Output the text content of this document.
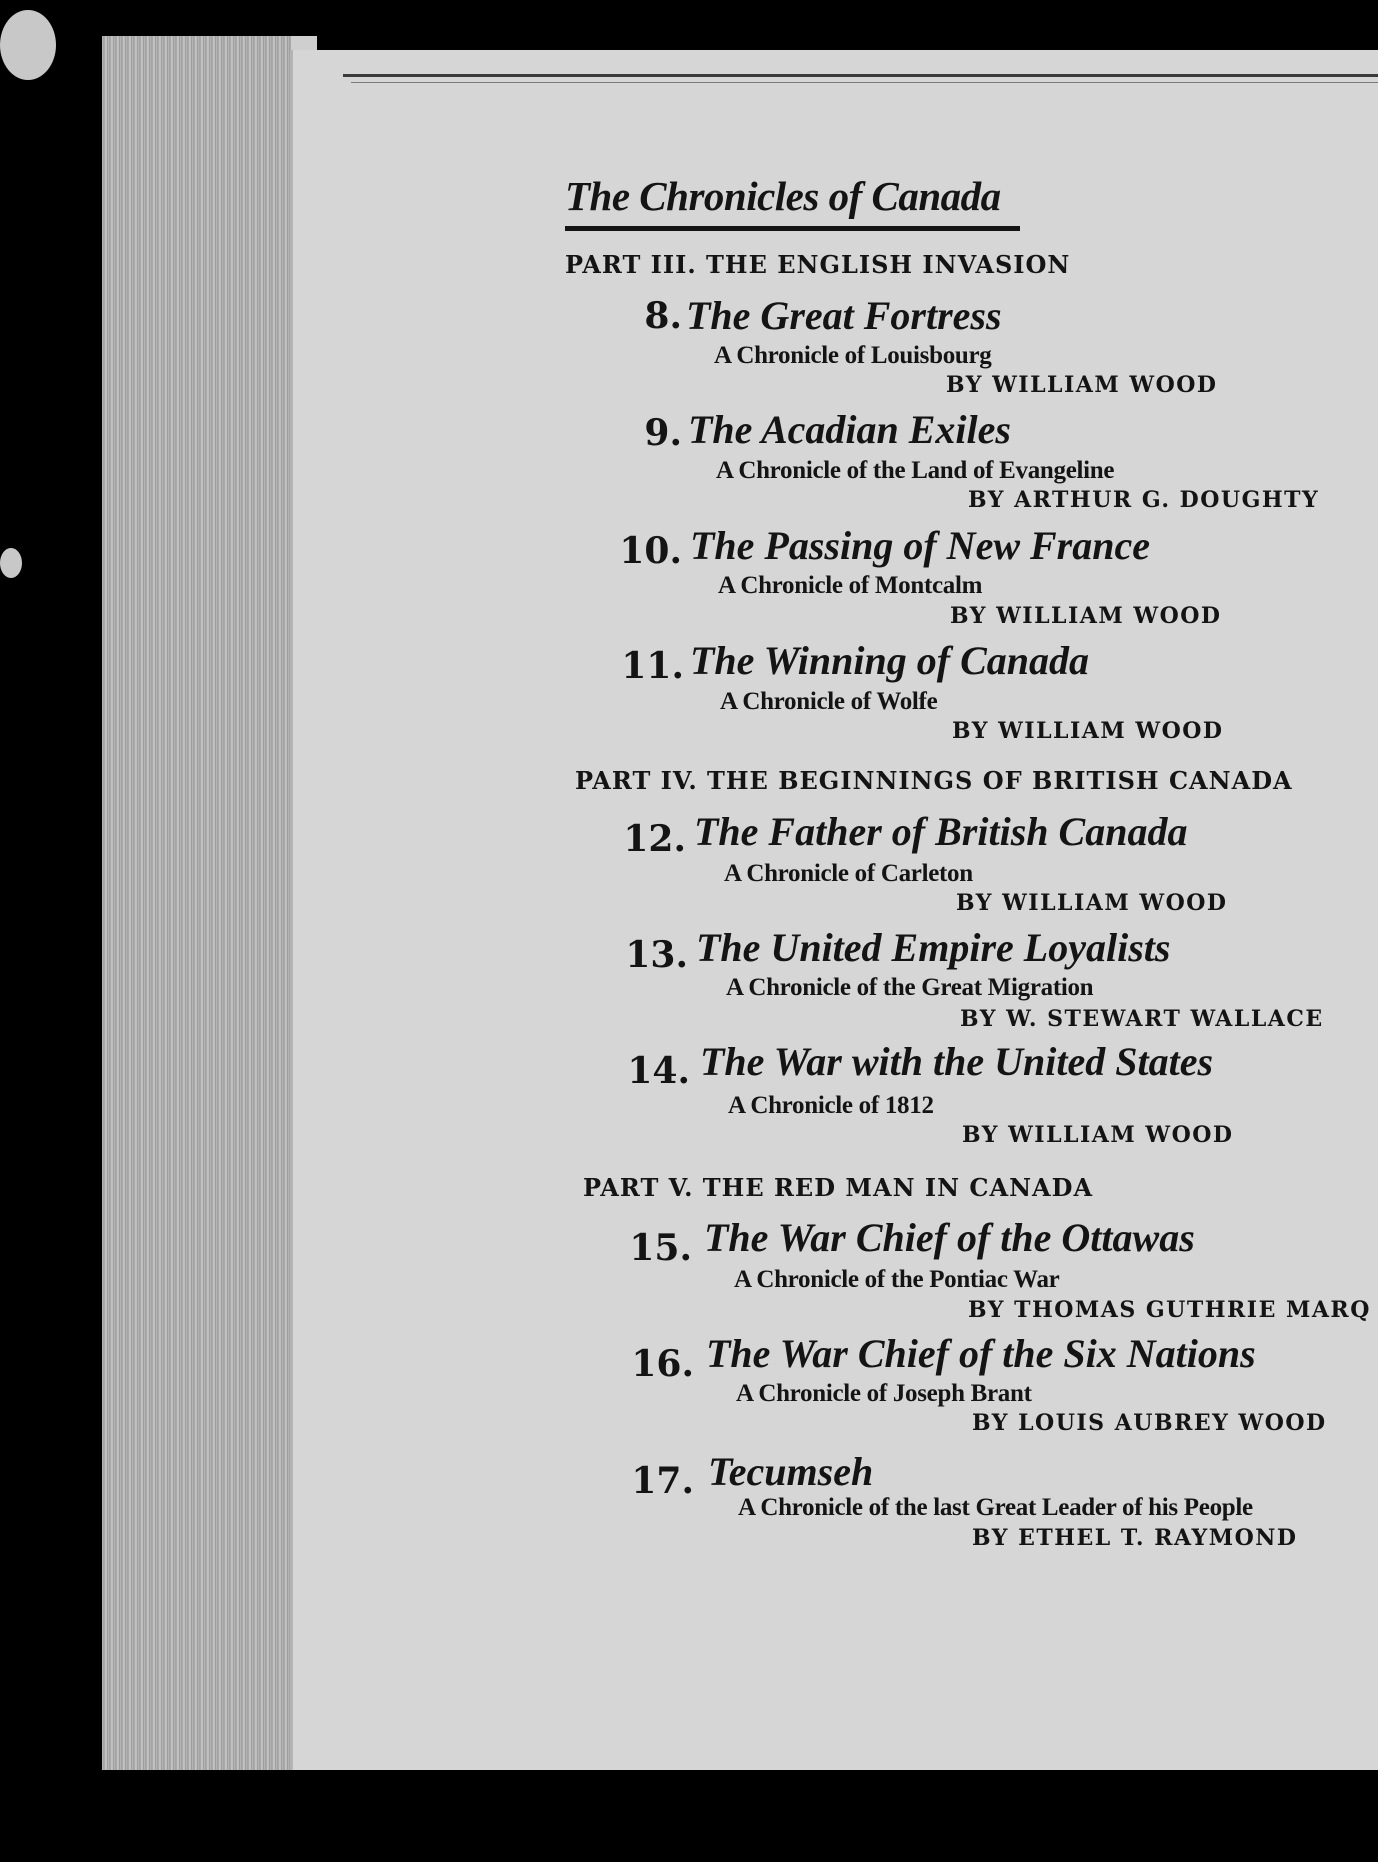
The Chronicles of Canada
PART III. THE ENGLISH INVASION
8. The Great Fortress
A Chronicle of Louisbourg
BY WILLIAM WOOD
9. The Acadian Exiles
A Chronicle of the Land of Evangeline
BY ARTHUR G. DOUGHTY
10. The Passing of New France
A Chronicle of Montcalm
BY WILLIAM WOOD
11. The Winning of Canada
A Chronicle of Wolfe
BY WILLIAM WOOD
PART IV. THE BEGINNINGS OF BRITISH CANADA
12. The Father of British Canada
A Chronicle of Carleton
BY WILLIAM WOOD
13. The United Empire Loyalists
A Chronicle of the Great Migration
BY W. STEWART WALLACE
14. The War with the United States
A Chronicle of 1812
BY WILLIAM WOOD
PART V. THE RED MAN IN CANADA
15. The War Chief of the Ottawas
A Chronicle of the Pontiac War
BY THOMAS GUTHRIE MARQ
16. The War Chief of the Six Nations
A Chronicle of Joseph Brant
BY LOUIS AUBREY WOOD
17. Tecumseh
A Chronicle of the last Great Leader of his People
BY ETHEL T. RAYMOND
